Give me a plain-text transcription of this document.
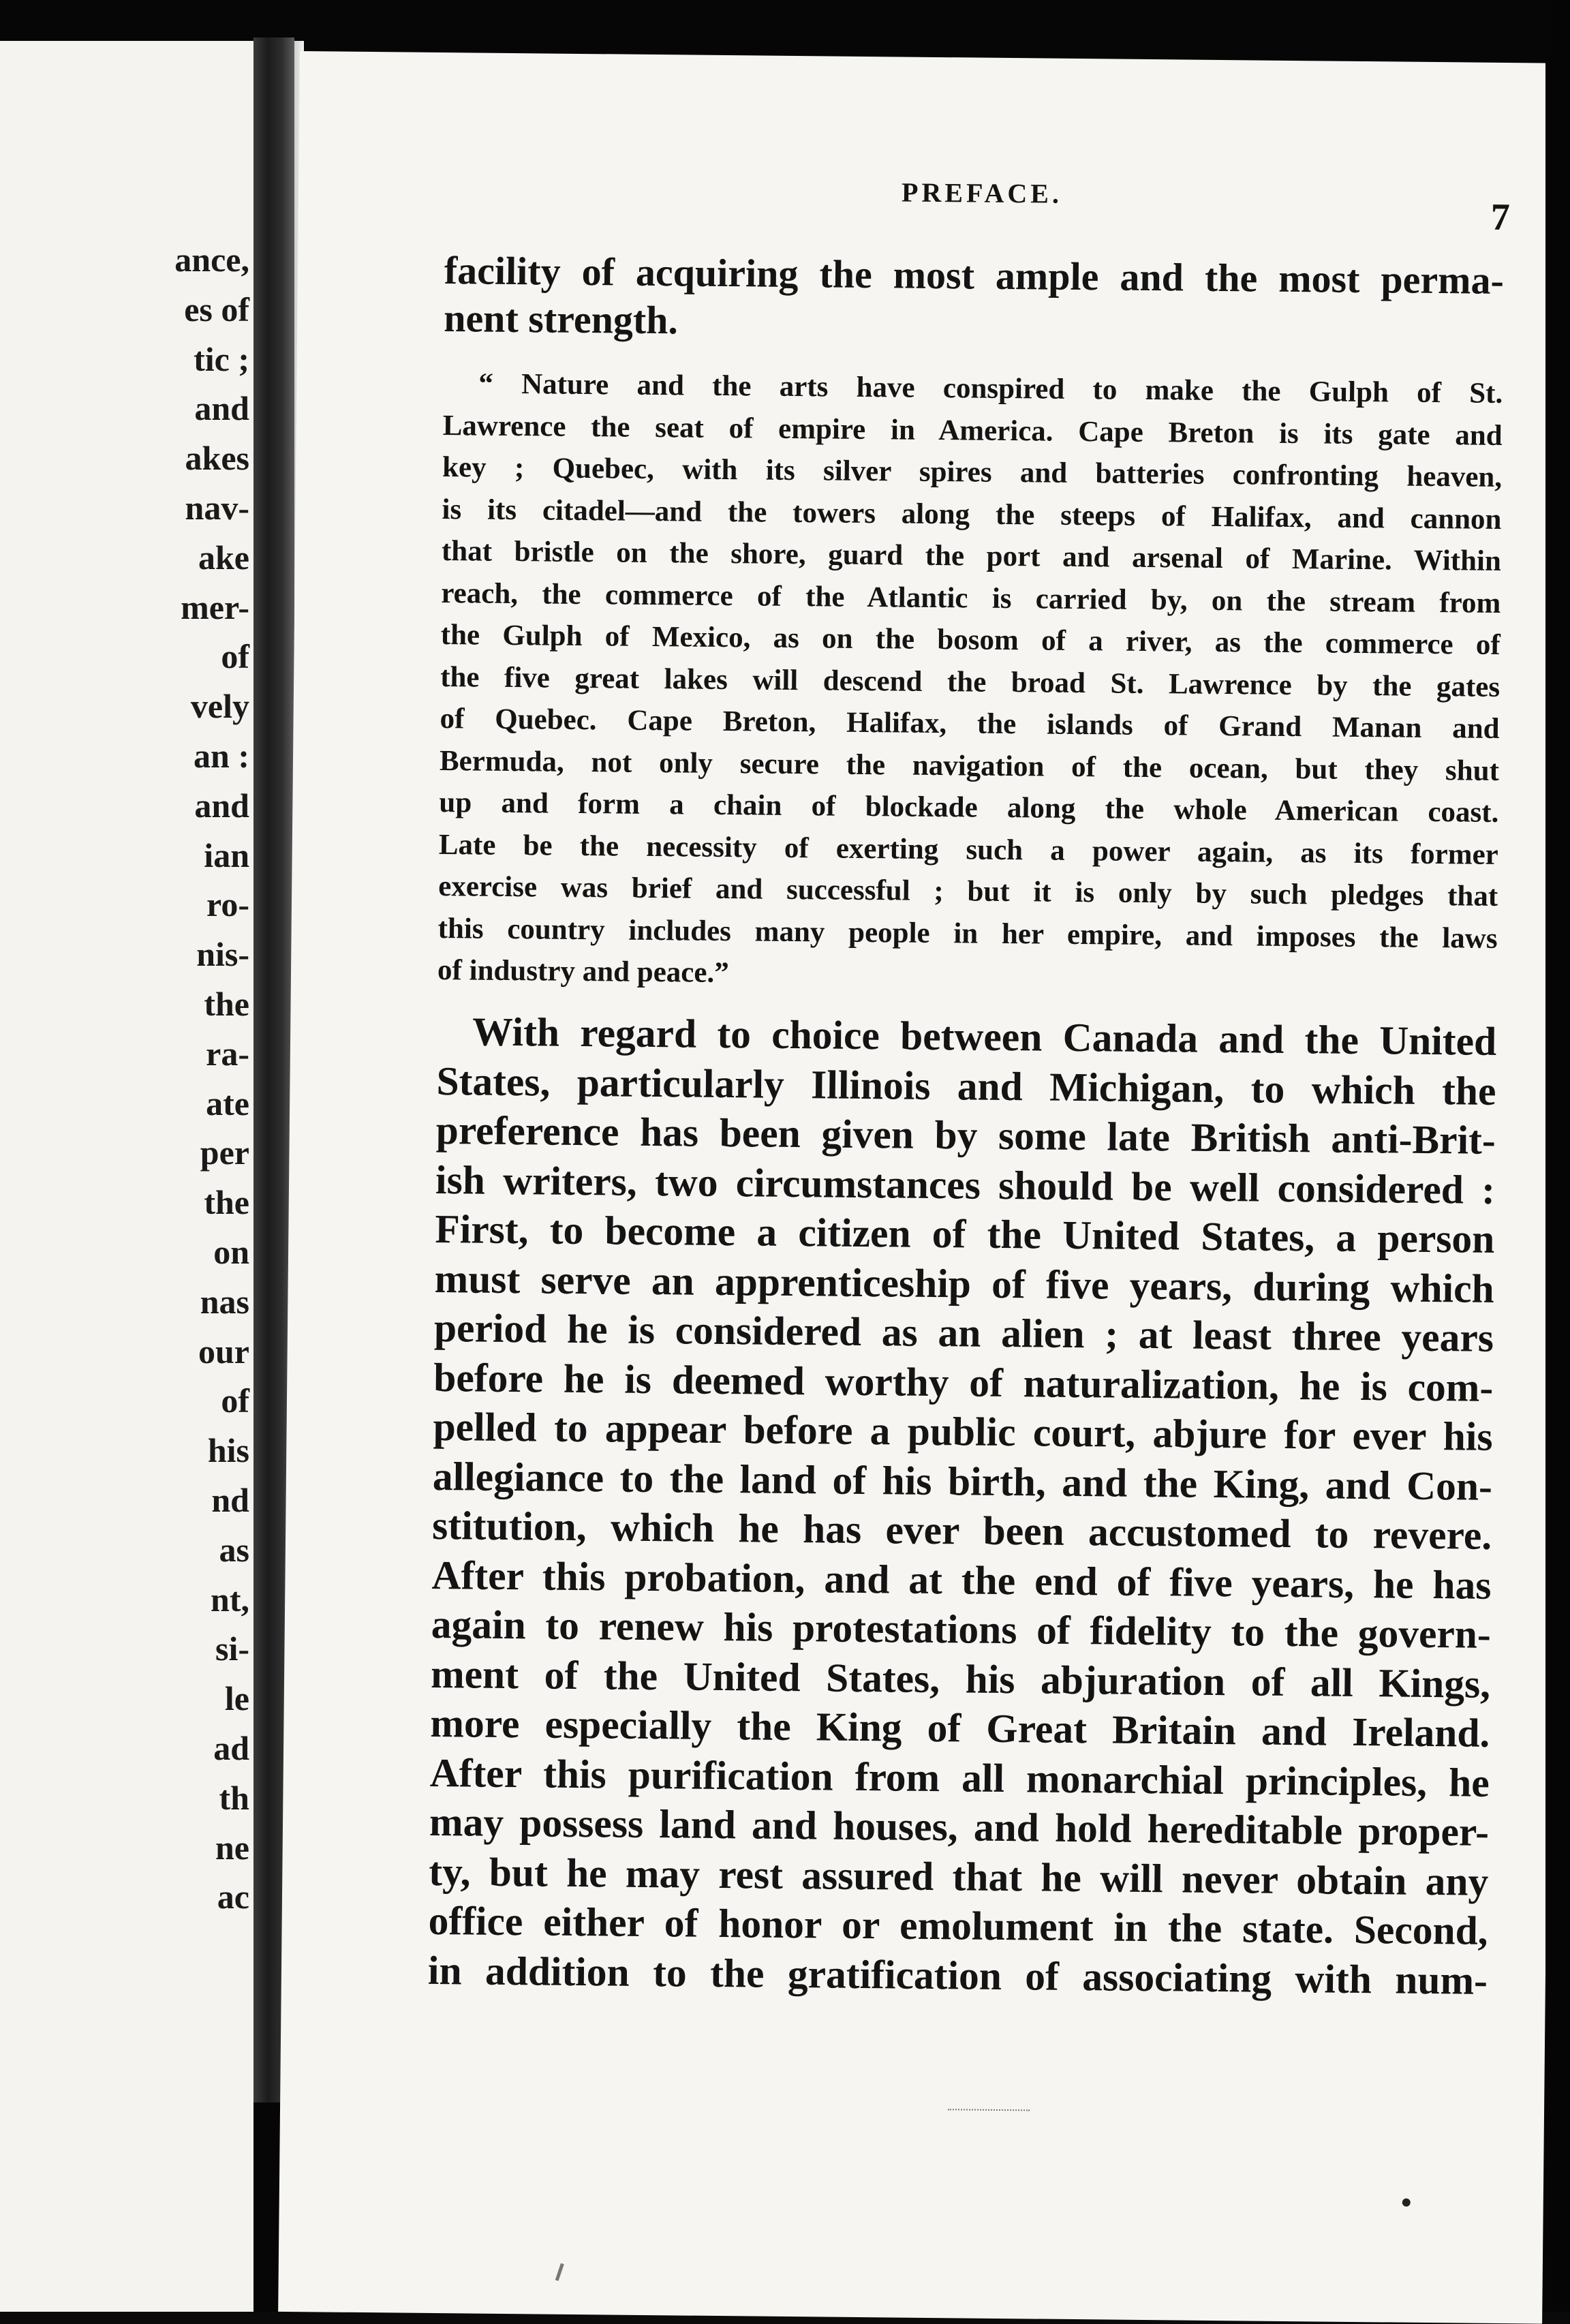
ance,
es of
tic ;
and
akes
nav-
ake
mer-
of
vely
an :
and
ian
ro-
nis-
the
ra-
ate
per
the
on
nas
our
of
his
nd
as
nt,
si-
le
ad
th
ne
ac
PREFACE.
7
facility of acquiring the most ample and the most perma-
nent strength.
“ Nature and the arts have conspired to make the Gulph of St.
Lawrence the seat of empire in America. Cape Breton is its gate and
key ; Quebec, with its silver spires and batteries confronting heaven,
is its citadel—and the towers along the steeps of Halifax, and cannon
that bristle on the shore, guard the port and arsenal of Marine. Within
reach, the commerce of the Atlantic is carried by, on the stream from
the Gulph of Mexico, as on the bosom of a river, as the commerce of
the five great lakes will descend the broad St. Lawrence by the gates
of Quebec. Cape Breton, Halifax, the islands of Grand Manan and
Bermuda, not only secure the navigation of the ocean, but they shut
up and form a chain of blockade along the whole American coast.
Late be the necessity of exerting such a power again, as its former
exercise was brief and successful ; but it is only by such pledges that
this country includes many people in her empire, and imposes the laws
of industry and peace.”
With regard to choice between Canada and the United
States, particularly Illinois and Michigan, to which the
preference has been given by some late British anti-Brit-
ish writers, two circumstances should be well considered :
First, to become a citizen of the United States, a person
must serve an apprenticeship of five years, during which
period he is considered as an alien ; at least three years
before he is deemed worthy of naturalization, he is com-
pelled to appear before a public court, abjure for ever his
allegiance to the land of his birth, and the King, and Con-
stitution, which he has ever been accustomed to revere.
After this probation, and at the end of five years, he has
again to renew his protestations of fidelity to the govern-
ment of the United States, his abjuration of all Kings,
more especially the King of Great Britain and Ireland.
After this purification from all monarchial principles, he
may possess land and houses, and hold hereditable proper-
ty, but he may rest assured that he will never obtain any
office either of honor or emolument in the state. Second,
in addition to the gratification of associating with num-
